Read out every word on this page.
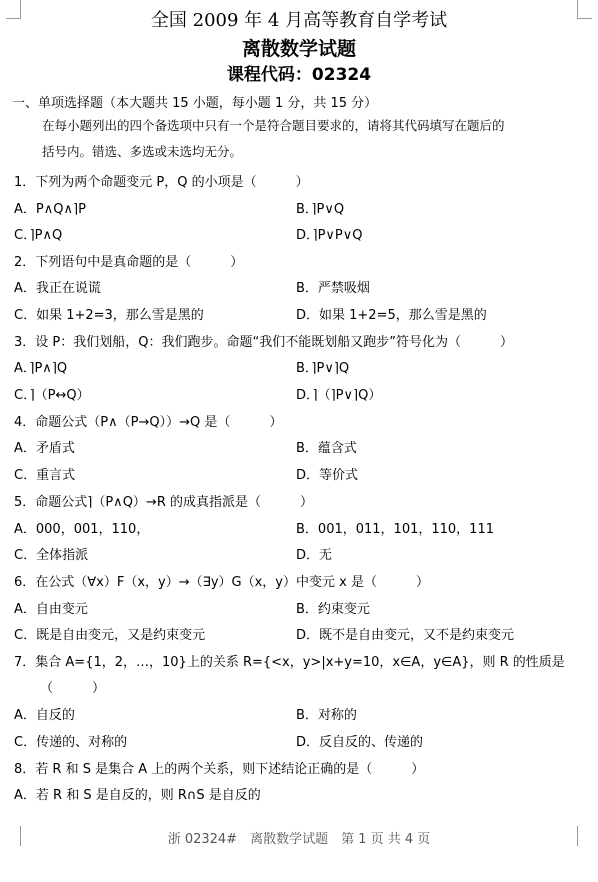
全国 2009 年 4 月高等教育自学考试
离散数学试题
课程代码：02324
一、单项选择题（本大题共 15 小题，每小题 1 分，共 15 分）
在每小题列出的四个备选项中只有一个是符合题目要求的，请将其代码填写在题后的
括号内。错选、多选或未选均无分。
1．下列为两个命题变元 P，Q 的小项是（　　　）
A．P∧Q∧⌉P	B．⌉P∨Q
C．⌉P∧Q	D．⌉P∨P∨Q
2．下列语句中是真命题的是（　　　）
A．我正在说谎	B．严禁吸烟
C．如果 1+2=3，那么雪是黑的	D．如果 1+2=5，那么雪是黑的
3．设 P：我们划船，Q：我们跑步。命题“我们不能既划船又跑步”符号化为（　　　）
A．⌉P∧⌉Q	B．⌉P∨⌉Q
C．⌉（P↔Q）	D．⌉（⌉P∨⌉Q）
4．命题公式（P∧（P→Q））→Q 是（　　　）
A．矛盾式	B．蕴含式
C．重言式	D．等价式
5．命题公式⌉（P∧Q）→R 的成真指派是（　　　）
A．000，001，110，	B．001，011，101，110，111
C．全体指派	D．无
6．在公式（∀x）F（x，y）→（∃y）G（x，y）中变元 x 是（　　　）
A．自由变元	B．约束变元
C．既是自由变元，又是约束变元	D．既不是自由变元，又不是约束变元
7．集合 A={1，2，…，10}上的关系 R={<x，y>|x+y=10，x∈A，y∈A}，则 R 的性质是
（　　　）
A．自反的	B．对称的
C．传递的、对称的	D．反自反的、传递的
8．若 R 和 S 是集合 A 上的两个关系，则下述结论正确的是（　　　）
A．若 R 和 S 是自反的，则 R∩S 是自反的
浙 02324#　离散数学试题　第 1 页 共 4 页
